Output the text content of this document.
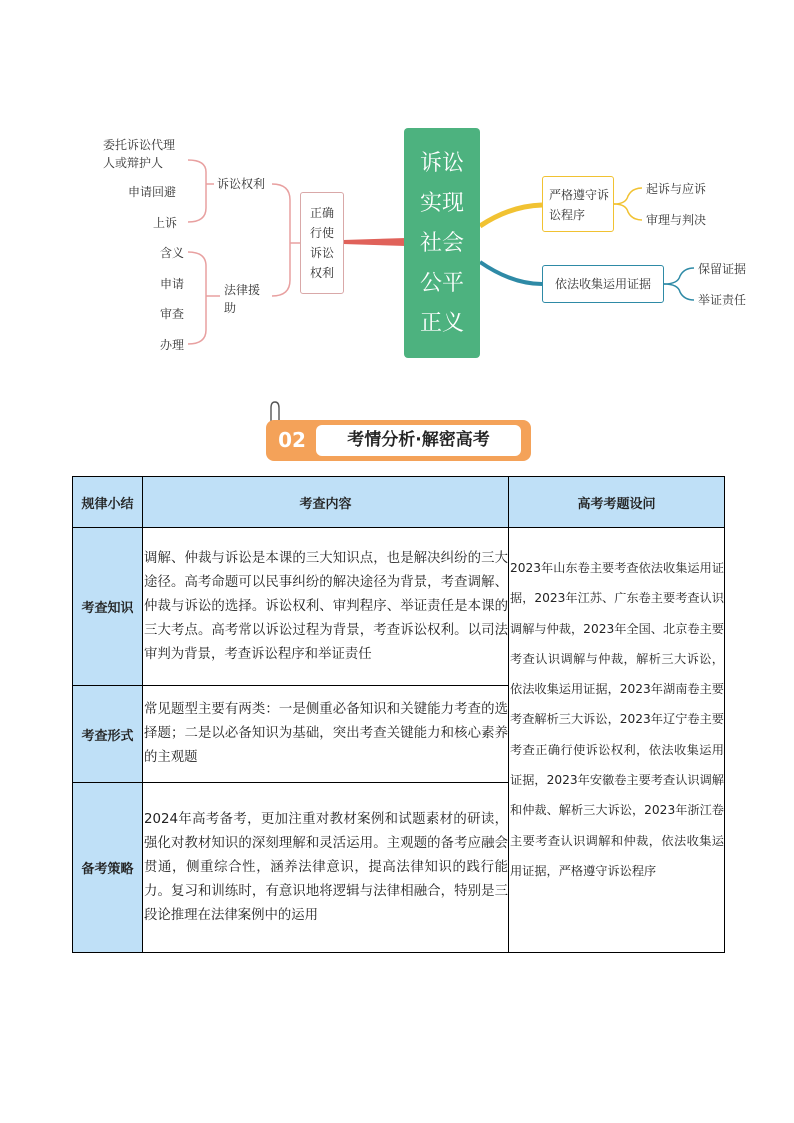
委托诉讼代理人或辩护人
申请回避
上诉
诉讼权利
含义
申请
审查
办理
法律援助
正确
行使
诉讼
权利
诉讼
实现
社会
公平
正义
严格遵守诉讼程序
起诉与应诉
审理与判决
依法收集运用证据
保留证据
举证责任
02	考情分析·解密高考
规律小结	考查内容	高考考题设问
考查知识	调解、仲裁与诉讼是本课的三大知识点，也是解决纠纷的三大途径。高考命题可以民事纠纷的解决途径为背景，考查调解、仲裁与诉讼的选择。诉讼权利、审判程序、举证责任是本课的三大考点。高考常以诉讼过程为背景，考查诉讼权利。以司法审判为背景，考查诉讼程序和举证责任	2023年山东卷主要考查依法收集运用证据，2023年江苏、广东卷主要考查认识调解与仲裁，2023年全国、北京卷主要考查认识调解与仲裁，解析三大诉讼，依法收集运用证据，2023年湖南卷主要考查解析三大诉讼，2023年辽宁卷主要考查正确行使诉讼权利，依法收集运用证据，2023年安徽卷主要考查认识调解和仲裁、解析三大诉讼，2023年浙江卷主要考查认识调解和仲裁，依法收集运用证据，严格遵守诉讼程序

考查形式	常见题型主要有两类：一是侧重必备知识和关键能力考查的选择题；二是以必备知识为基础，突出考查关键能力和核心素养的主观题	

备考策略	2024年高考备考，更加注重对教材案例和试题素材的研读，强化对教材知识的深刻理解和灵活运用。主观题的备考应融会贯通，侧重综合性，涵养法律意识，提高法律知识的践行能力。复习和训练时，有意识地将逻辑与法律相融合，特别是三段论推理在法律案例中的运用	
